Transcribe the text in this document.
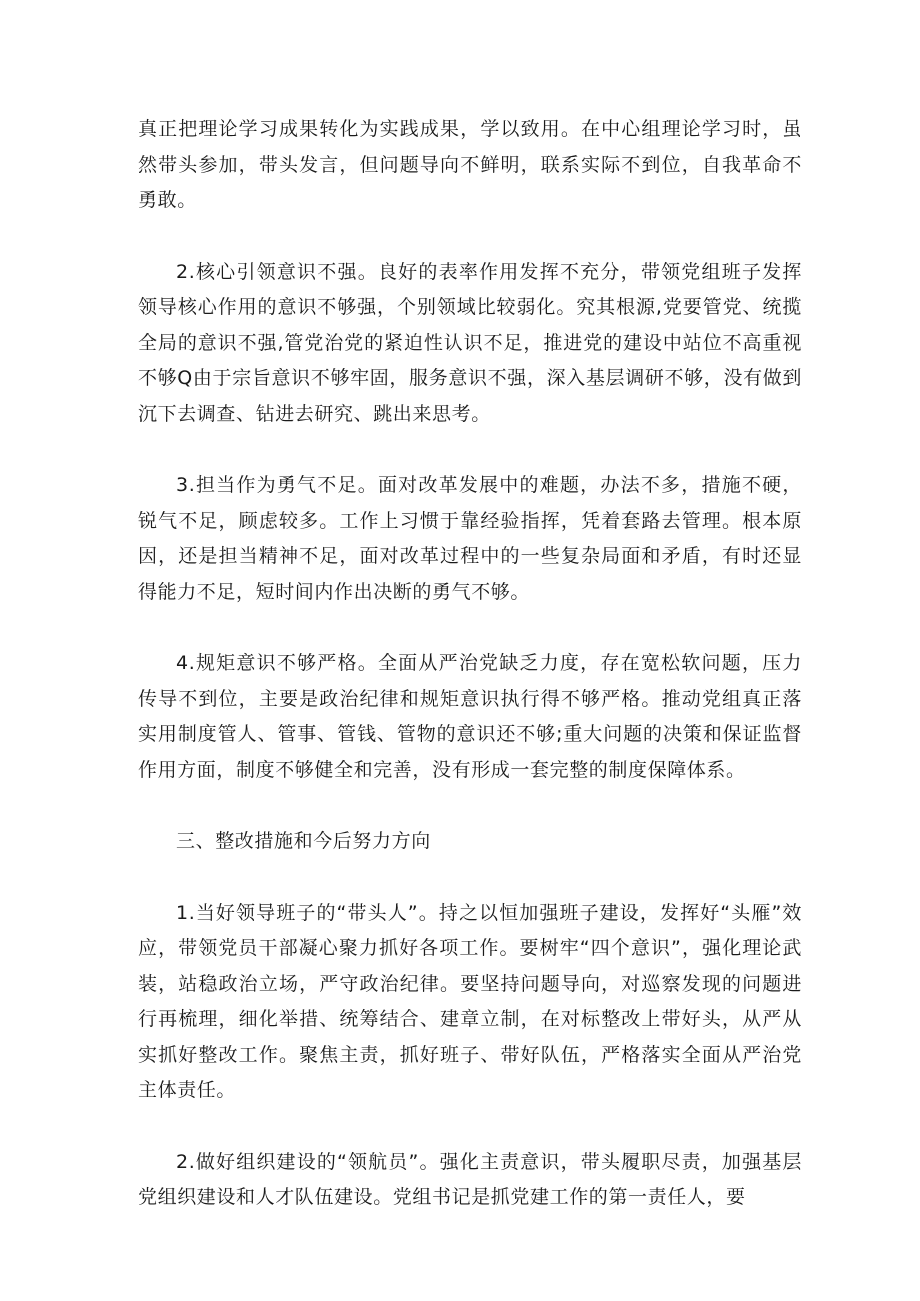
真正把理论学习成果转化为实践成果，学以致用。在中心组理论学习时，虽然带头参加，带头发言，但问题导向不鲜明，联系实际不到位，自我革命不勇敢。

2.核心引领意识不强。良好的表率作用发挥不充分，带领党组班子发挥领导核心作用的意识不够强，个别领域比较弱化。究其根源,党要管党、统揽全局的意识不强,管党治党的紧迫性认识不足，推进党的建设中站位不高重视不够Q由于宗旨意识不够牢固，服务意识不强，深入基层调研不够，没有做到沉下去调查、钻进去研究、跳出来思考。

3.担当作为勇气不足。面对改革发展中的难题，办法不多，措施不硬，锐气不足，顾虑较多。工作上习惯于靠经验指挥，凭着套路去管理。根本原因，还是担当精神不足，面对改革过程中的一些复杂局面和矛盾，有时还显得能力不足，短时间内作出决断的勇气不够。

4.规矩意识不够严格。全面从严治党缺乏力度，存在宽松软问题，压力传导不到位，主要是政治纪律和规矩意识执行得不够严格。推动党组真正落实用制度管人、管事、管钱、管物的意识还不够;重大问题的决策和保证监督作用方面，制度不够健全和完善，没有形成一套完整的制度保障体系。

三、整改措施和今后努力方向

1.当好领导班子的“带头人”。持之以恒加强班子建设，发挥好“头雁”效应，带领党员干部凝心聚力抓好各项工作。要树牢“四个意识”，强化理论武装，站稳政治立场，严守政治纪律。要坚持问题导向，对巡察发现的问题进行再梳理，细化举措、统筹结合、建章立制，在对标整改上带好头，从严从实抓好整改工作。聚焦主责，抓好班子、带好队伍，严格落实全面从严治党主体责任。

2.做好组织建设的“领航员”。强化主责意识，带头履职尽责，加强基层党组织建设和人才队伍建设。党组书记是抓党建工作的第一责任人，要
